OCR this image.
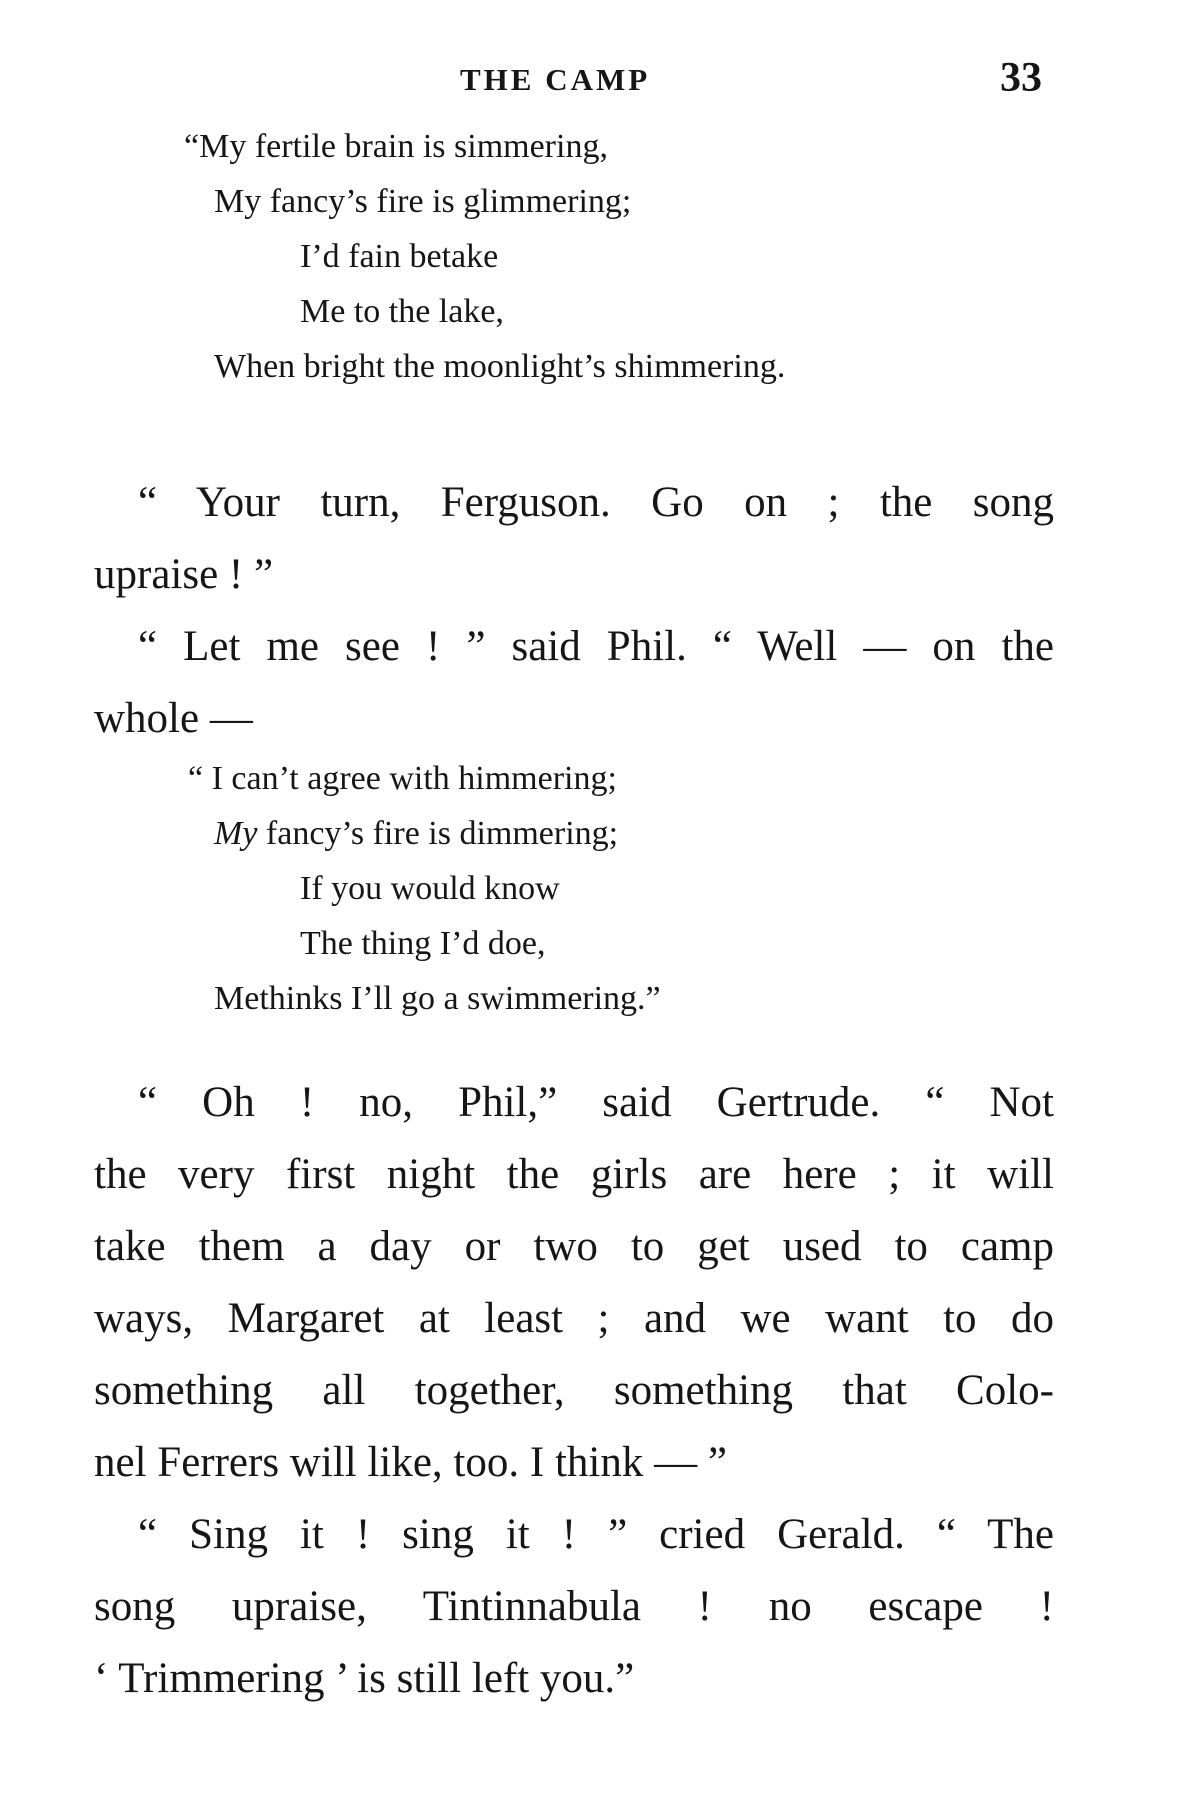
THE CAMP	33
“My fertile brain is simmering,
My fancy’s fire is glimmering;
I’d fain betake
Me to the lake,
When bright the moonlight’s shimmering.
“ Your turn, Ferguson. Go on ; the song
upraise ! ”
“ Let me see ! ” said Phil. “ Well — on the
whole —
“ I can’t agree with himmering;
My fancy’s fire is dimmering;
If you would know
The thing I’d doe,
Methinks I’ll go a swimmering.”
“ Oh ! no, Phil,” said Gertrude. “ Not
the very first night the girls are here ; it will
take them a day or two to get used to camp
ways, Margaret at least ; and we want to do
something all together, something that Colo-
nel Ferrers will like, too. I think — ”
“ Sing it ! sing it ! ” cried Gerald. “ The
song upraise, Tintinnabula ! no escape !
‘ Trimmering ’ is still left you.”
